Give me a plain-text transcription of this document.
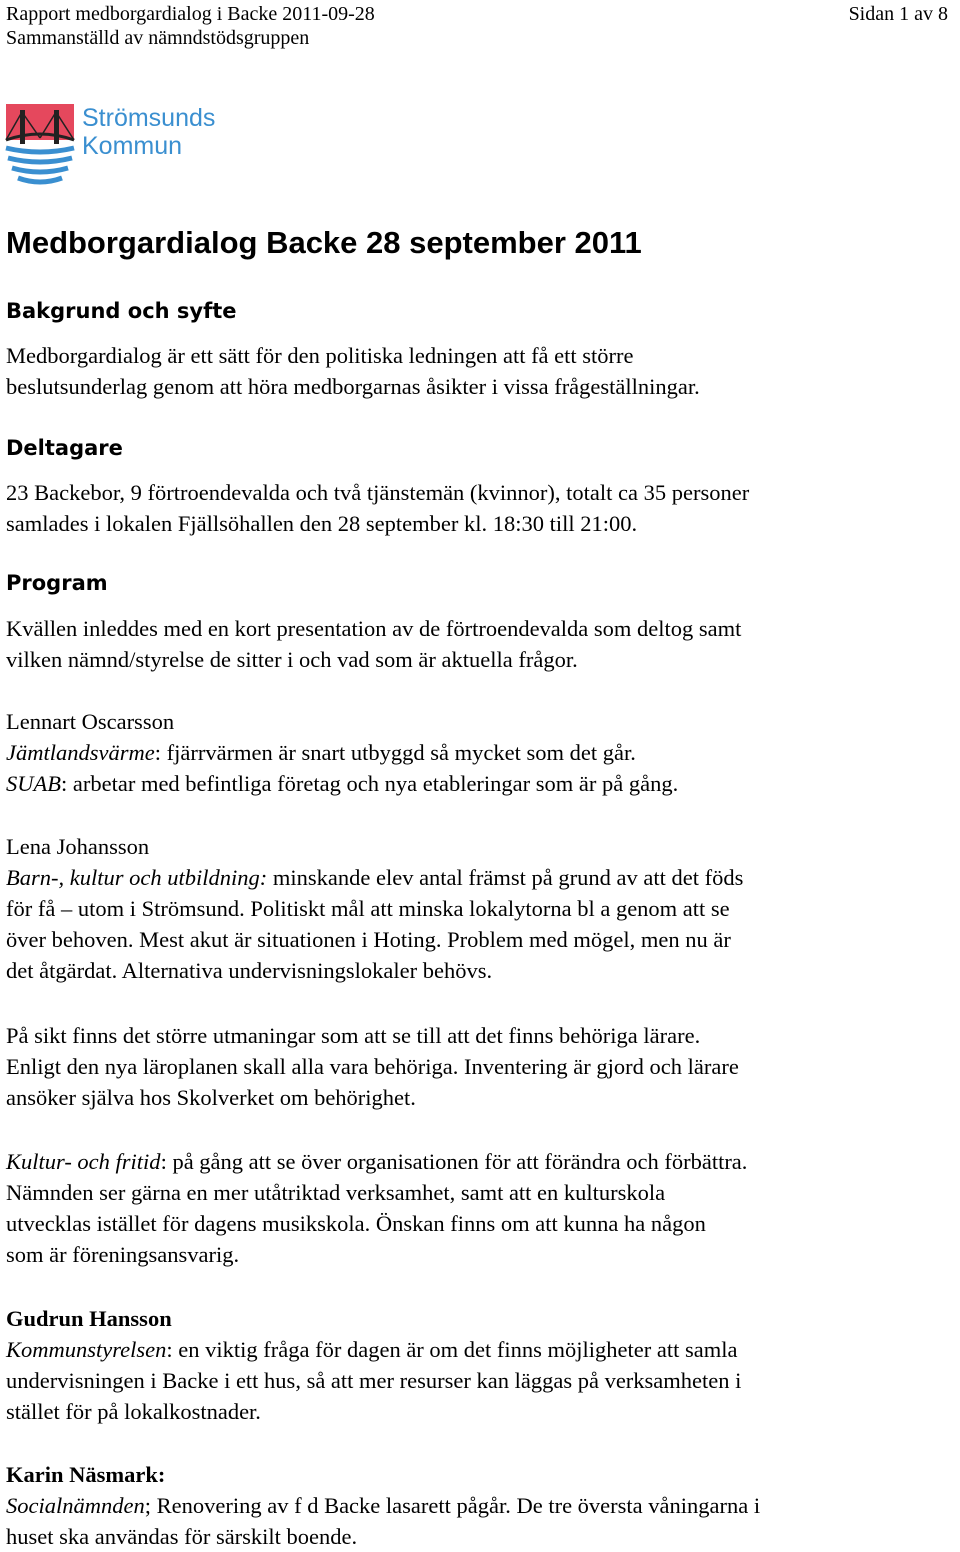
Rapport medborgardialog i Backe 2011-09-28
Sammanställd av nämndstödsgruppen
Sidan 1 av 8
Strömsunds
Kommun
Medborgardialog Backe 28 september 2011
Bakgrund och syfte
Medborgardialog är ett sätt för den politiska ledningen att få ett större
beslutsunderlag genom att höra medborgarnas åsikter i vissa frågeställningar.
Deltagare
23 Backebor, 9 förtroendevalda och två tjänstemän (kvinnor), totalt ca 35 personer
samlades i lokalen Fjällsöhallen den 28 september kl. 18:30 till 21:00.
Program
Kvällen inleddes med en kort presentation av de förtroendevalda som deltog samt
vilken nämnd/styrelse de sitter i och vad som är aktuella frågor.
Lennart Oscarsson
Jämtlandsvärme: fjärrvärmen är snart utbyggd så mycket som det går.
SUAB: arbetar med befintliga företag och nya etableringar som är på gång.
Lena Johansson
Barn-, kultur och utbildning: minskande elev antal främst på grund av att det föds
för få – utom i Strömsund. Politiskt mål att minska lokalytorna bl a genom att se
över behoven. Mest akut är situationen i Hoting. Problem med mögel, men nu är
det åtgärdat. Alternativa undervisningslokaler behövs.
På sikt finns det större utmaningar som att se till att det finns behöriga lärare.
Enligt den nya läroplanen skall alla vara behöriga. Inventering är gjord och lärare
ansöker själva hos Skolverket om behörighet.
Kultur- och fritid: på gång att se över organisationen för att förändra och förbättra.
Nämnden ser gärna en mer utåtriktad verksamhet, samt att en kulturskola
utvecklas istället för dagens musikskola. Önskan finns om att kunna ha någon
som är föreningsansvarig.
Gudrun Hansson
Kommunstyrelsen: en viktig fråga för dagen är om det finns möjligheter att samla
undervisningen i Backe i ett hus, så att mer resurser kan läggas på verksamheten i
stället för på lokalkostnader.
Karin Näsmark:
Socialnämnden; Renovering av f d Backe lasarett pågår. De tre översta våningarna i
huset ska användas för särskilt boende.
